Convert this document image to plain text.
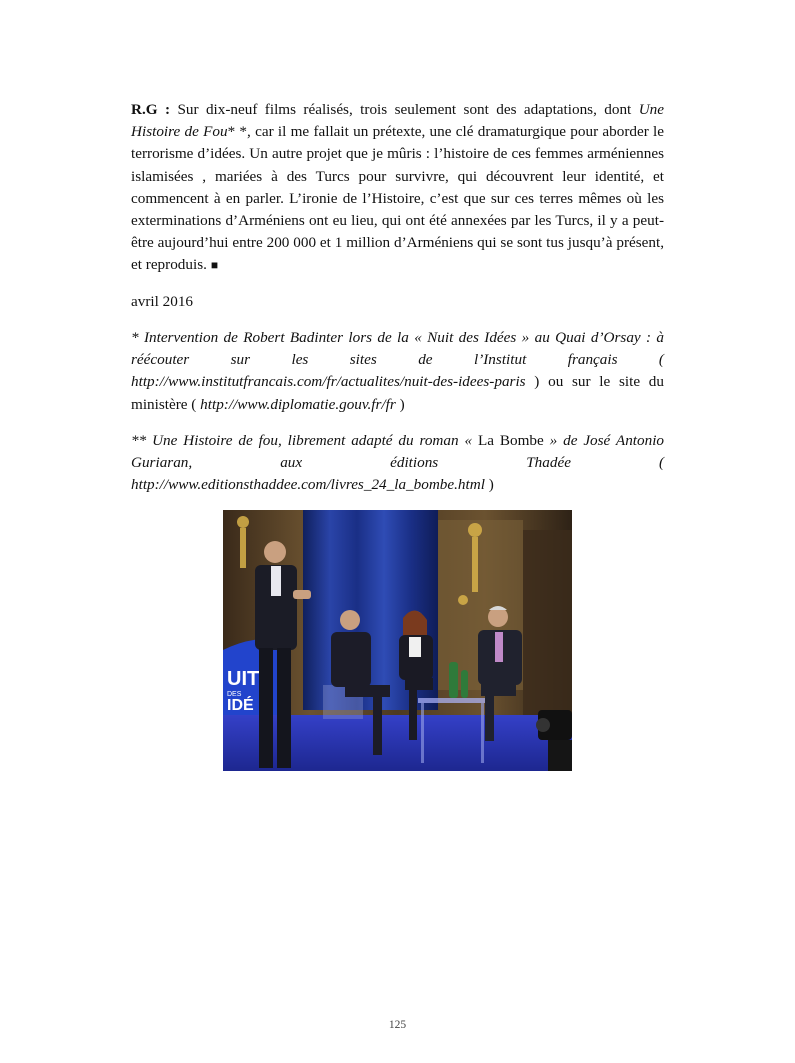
R.G : Sur dix-neuf films réalisés, trois seulement sont des adaptations, dont Une Histoire de Fou* *, car il me fallait un prétexte, une clé dramaturgique pour aborder le terrorisme d’idées. Un autre projet que je mûris : l’histoire de ces femmes arméniennes islamisées , mariées à des Turcs pour survivre, qui découvrent leur identité, et commencent à en parler. L’ironie de l’Histoire, c’est que sur ces terres mêmes où les exterminations d’Arméniens ont eu lieu, qui ont été annexées par les Turcs, il y a peut-être aujourd’hui entre 200 000 et 1 million d’Arméniens qui se sont tus jusqu’à présent, et reproduis. ■

avril 2016

* Intervention de Robert Badinter lors de la « Nuit des Idées » au Quai d’Orsay : à réécouter sur les sites de l’Institut français ( http://www.institutfrancais.com/fr/actualites/nuit-des-idees-paris ) ou sur le site du ministère ( http://www.diplomatie.gouv.fr/fr )

** Une Histoire de fou, librement adapté du roman « La Bombe » de José Antonio Guriaran, aux éditions Thadée ( http://www.editionsthaddee.com/livres_24_la_bombe.html )

UIT
DES
IDÉ
125
